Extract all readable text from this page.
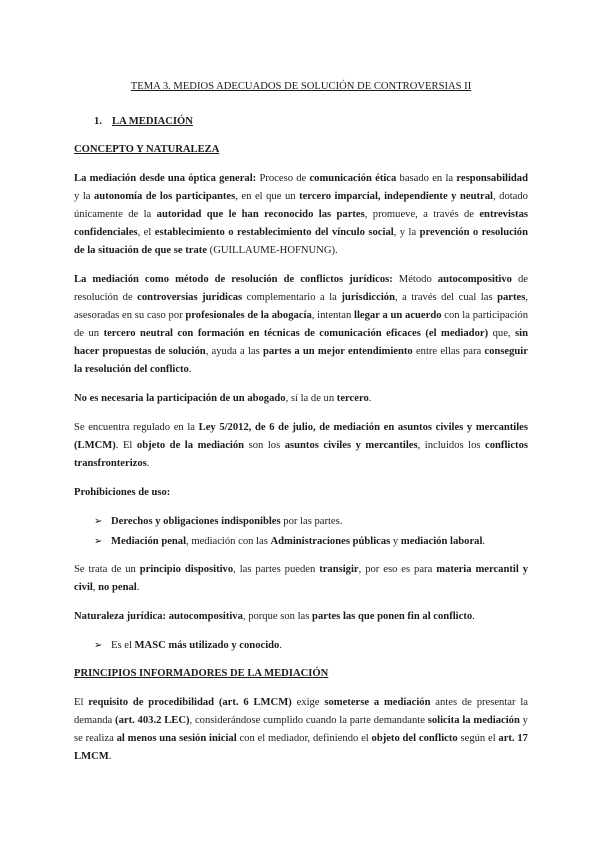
TEMA 3. MEDIOS ADECUADOS DE SOLUCIÓN DE CONTROVERSIAS II
1. LA MEDIACIÓN
CONCEPTO Y NATURALEZA

La mediación desde una óptica general: Proceso de comunicación ética basado en la responsabilidad y la autonomía de los participantes, en el que un tercero imparcial, independiente y neutral, dotado únicamente de la autoridad que le han reconocido las partes, promueve, a través de entrevistas confidenciales, el establecimiento o restablecimiento del vínculo social, y la prevención o resolución de la situación de que se trate (GUILLAUME-HOFNUNG).

La mediación como método de resolución de conflictos jurídicos: Método autocompositivo de resolución de controversias jurídicas complementario a la jurisdicción, a través del cual las partes, asesoradas en su caso por profesionales de la abogacía, intentan llegar a un acuerdo con la participación de un tercero neutral con formación en técnicas de comunicación eficaces (el mediador) que, sin hacer propuestas de solución, ayuda a las partes a un mejor entendimiento entre ellas para conseguir la resolución del conflicto.

No es necesaria la participación de un abogado, sí la de un tercero.

Se encuentra regulado en la Ley 5/2012, de 6 de julio, de mediación en asuntos civiles y mercantiles (LMCM). El objeto de la mediación son los asuntos civiles y mercantiles, incluidos los conflictos transfronterizos.

Prohibiciones de uso:

➢ Derechos y obligaciones indisponibles por las partes.
➢ Mediación penal, mediación con las Administraciones públicas y mediación laboral.

Se trata de un principio dispositivo, las partes pueden transigir, por eso es para materia mercantil y civil, no penal.

Naturaleza jurídica: autocompositiva, porque son las partes las que ponen fin al conflicto.

➢ Es el MASC más utilizado y conocido.
PRINCIPIOS INFORMADORES DE LA MEDIACIÓN

El requisito de procedibilidad (art. 6 LMCM) exige someterse a mediación antes de presentar la demanda (art. 403.2 LEC), considerándose cumplido cuando la parte demandante solicita la mediación y se realiza al menos una sesión inicial con el mediador, definiendo el objeto del conflicto según el art. 17 LMCM.
